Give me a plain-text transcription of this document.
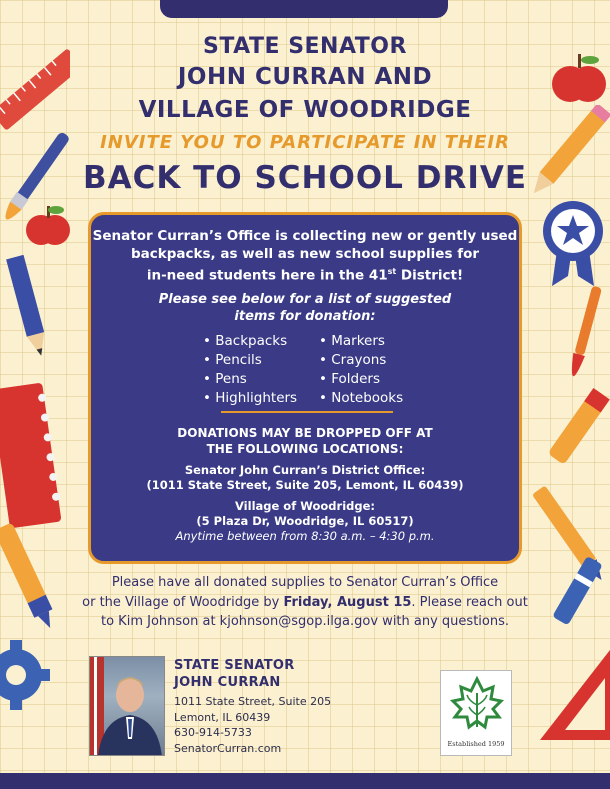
STATE SENATOR
JOHN CURRAN AND
VILLAGE OF WOODRIDGE
INVITE YOU TO PARTICIPATE IN THEIR
BACK TO SCHOOL DRIVE
Senator Curran’s Office is collecting new or gently used
backpacks, as well as new school supplies for
in-need students here in the 41st District!
Please see below for a list of suggested
items for donation:
• Backpacks
• Pencils
• Pens
• Highlighters
• Markers
• Crayons
• Folders
• Notebooks
DONATIONS MAY BE DROPPED OFF AT
THE FOLLOWING LOCATIONS:
Senator John Curran’s District Office:
(1011 State Street, Suite 205, Lemont, IL 60439)
Village of Woodridge:
(5 Plaza Dr, Woodridge, IL 60517)
Anytime between from 8:30 a.m. – 4:30 p.m.
Please have all donated supplies to Senator Curran’s Office
or the Village of Woodridge by Friday, August 15. Please reach out
to Kim Johnson at kjohnson@sgop.ilga.gov with any questions.
STATE SENATOR
JOHN CURRAN
1011 State Street, Suite 205
Lemont, IL 60439
630-914-5733
SenatorCurran.com	Established 1959
